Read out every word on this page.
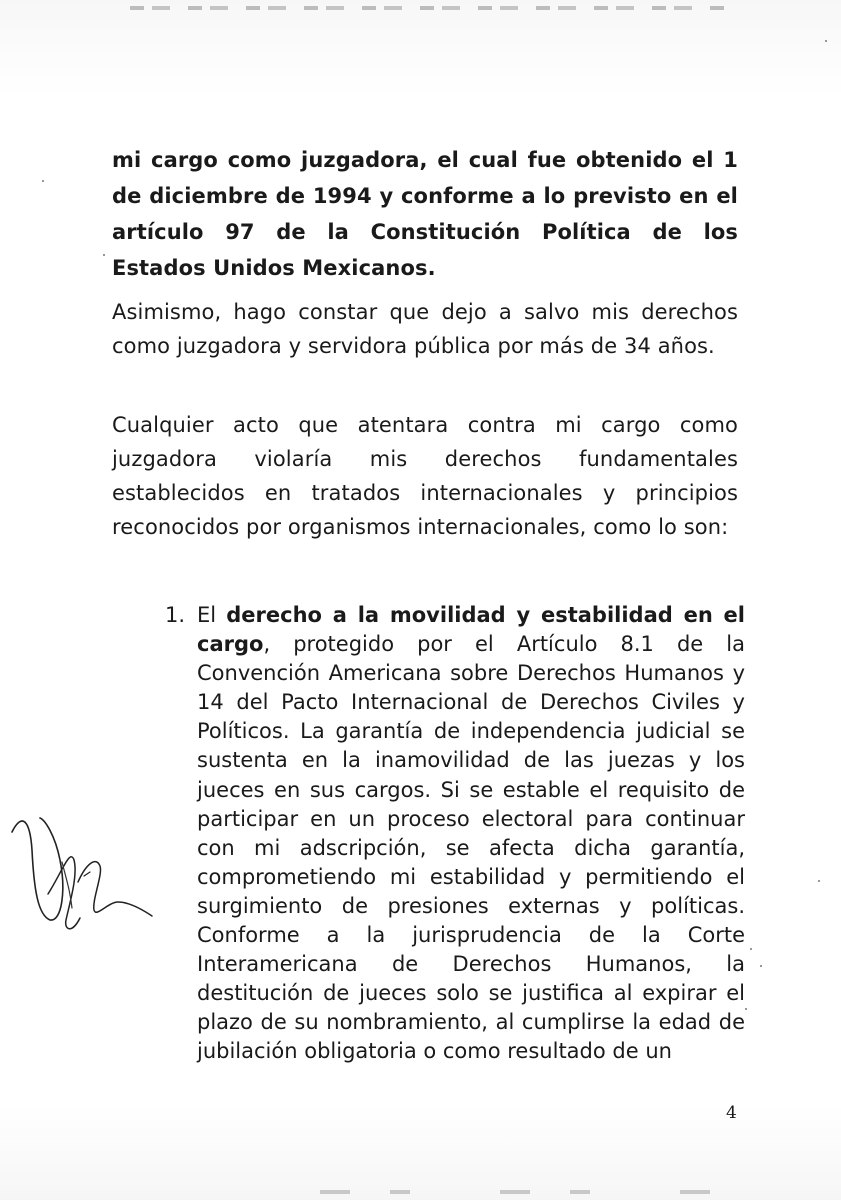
mi cargo como juzgadora, el cual fue obtenido el 1 de diciembre de 1994 y conforme a lo previsto en el artículo 97 de la Constitución Política de los Estados Unidos Mexicanos.
Asimismo, hago constar que dejo a salvo mis derechos como juzgadora y servidora pública por más de 34 años.
Cualquier acto que atentara contra mi cargo como juzgadora violaría mis derechos fundamentales establecidos en tratados internacionales y principios reconocidos por organismos internacionales, como lo son:
1. El derecho a la movilidad y estabilidad en el cargo, protegido por el Artículo 8.1 de la Convención Americana sobre Derechos Humanos y 14 del Pacto Internacional de Derechos Civiles y Políticos. La garantía de independencia judicial se sustenta en la inamovilidad de las juezas y los jueces en sus cargos. Si se estable el requisito de participar en un proceso electoral para continuar con mi adscripción, se afecta dicha garantía, comprometiendo mi estabilidad y permitiendo el surgimiento de presiones externas y políticas. Conforme a la jurisprudencia de la Corte Interamericana de Derechos Humanos, la destitución de jueces solo se justifica al expirar el plazo de su nombramiento, al cumplirse la edad de jubilación obligatoria o como resultado de un
4
